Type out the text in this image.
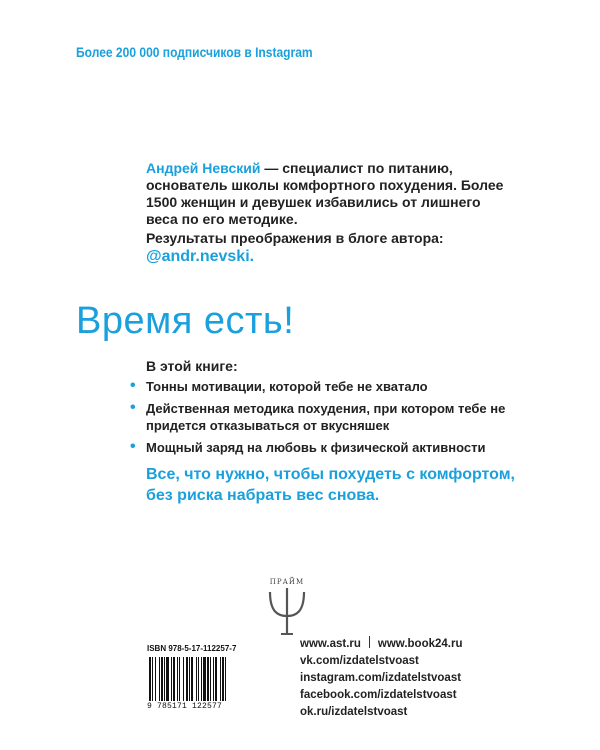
Более 200 000 подписчиков в Instagram
Андрей Невский — специалист по питанию, основатель школы комфортного похудения. Более 1500 женщин и девушек избавились от лишнего веса по его методике.
Результаты преображения в блоге автора:
@andr.nevski.
Время есть!
В этой книге:
• Тонны мотивации, которой тебе не хватало
• Действенная методика похудения, при котором тебе не придется отказываться от вкусняшек
• Мощный заряд на любовь к физической активности
Все, что нужно, чтобы похудеть с комфортом, без риска набрать вес снова.
ПРАЙМ
ISBN 978-5-17-112257-7
9 785171 122577
www.ast.ru www.book24.ru
vk.com/izdatelstvoast
instagram.com/izdatelstvoast
facebook.com/izdatelstvoast
ok.ru/izdatelstvoast
